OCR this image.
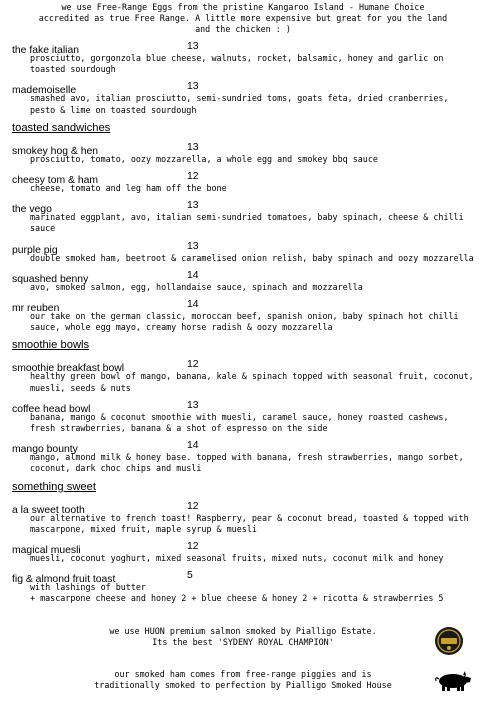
we use Free-Range Eggs from the pristine Kangaroo Island - Humane Choice
accredited as true Free Range. A little more expensive but great for you the land
and the chicken : )
the fake italian	13
prosciutto, gorgonzola blue cheese, walnuts, rocket, balsamic, honey and garlic on toasted sourdough
mademoiselle	13
smashed avo, italian prosciutto, semi-sundried toms, goats feta, dried cranberries, pesto & lime on toasted sourdough
toasted sandwiches
smokey hog & hen	13
prosciutto, tomato, oozy mozzarella, a whole egg and smokey bbq sauce
cheesy tom & ham	12
cheese, tomato and leg ham off the bone
the vego	13
marinated eggplant, avo, italian semi-sundried tomatoes, baby spinach, cheese & chilli sauce
purple pig	13
double smoked ham, beetroot & caramelised onion relish, baby spinach and oozy mozzarella
squashed benny	14
avo, smoked salmon, egg, hollandaise sauce, spinach and mozzarella
mr reuben	14
our take on the german classic, moroccan beef, spanish onion, baby spinach hot chilli sauce, whole egg mayo, creamy horse radish & oozy mozzarella
smoothie bowls
smoothie breakfast bowl	12
healthy green bowl of mango, banana, kale & spinach topped with seasonal fruit, coconut, muesli, seeds & nuts
coffee head bowl	13
banana, mango & coconut smoothie with muesli, caramel sauce, honey roasted cashews, fresh strawberries, banana & a shot of espresso on the side
mango bounty	14
mango, almond milk & honey base. topped with banana, fresh strawberries, mango sorbet, coconut, dark choc chips and musli
something sweet
a la sweet tooth	12
our alternative to french toast! Raspberry, pear & coconut bread, toasted & topped with mascarpone, mixed fruit, maple syrup & muesli
magical muesli	12
muesli, coconut yoghurt, mixed seasonal fruits, mixed nuts, coconut milk and honey
fig & almond fruit toast	5
with lashings of butter
+ mascarpone cheese and honey 2 + blue cheese & honey 2 + ricotta & strawberries 5
we use HUON premium salmon smoked by Pialligo Estate.
Its the best 'SYDENY ROYAL CHAMPION'
our smoked ham comes from free-range piggies and is
traditionally smoked to perfection by Pialligo Smoked House
